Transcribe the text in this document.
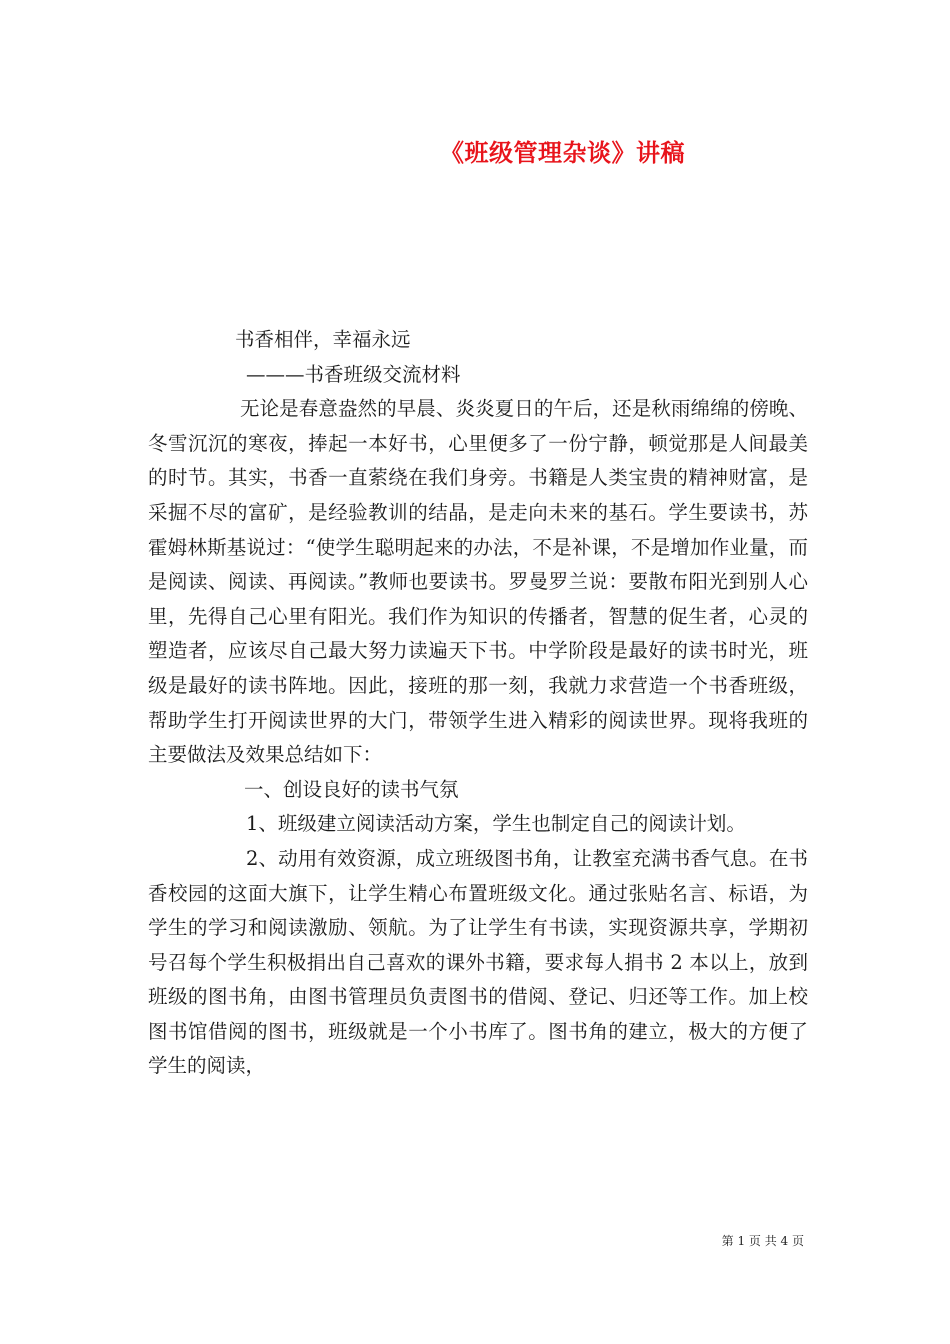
《班级管理杂谈》讲稿

书香相伴，幸福永远

———书香班级交流材料

无论是春意盎然的早晨、炎炎夏日的午后，还是秋雨绵绵的傍晚、冬雪沉沉的寒夜，捧起一本好书，心里便多了一份宁静，顿觉那是人间最美的时节。其实，书香一直萦绕在我们身旁。书籍是人类宝贵的精神财富，是采掘不尽的富矿，是经验教训的结晶，是走向未来的基石。学生要读书，苏霍姆林斯基说过：“使学生聪明起来的办法，不是补课，不是增加作业量，而是阅读、阅读、再阅读。”教师也要读书。罗曼罗兰说：要散布阳光到别人心里，先得自己心里有阳光。我们作为知识的传播者，智慧的促生者，心灵的塑造者，应该尽自己最大努力读遍天下书。中学阶段是最好的读书时光，班级是最好的读书阵地。因此，接班的那一刻，我就力求营造一个书香班级，帮助学生打开阅读世界的大门，带领学生进入精彩的阅读世界。现将我班的主要做法及效果总结如下：

一、创设良好的读书气氛

1、班级建立阅读活动方案，学生也制定自己的阅读计划。

2、动用有效资源，成立班级图书角，让教室充满书香气息。在书香校园的这面大旗下，让学生精心布置班级文化。通过张贴名言、标语，为学生的学习和阅读激励、领航。为了让学生有书读，实现资源共享，学期初号召每个学生积极捐出自己喜欢的课外书籍，要求每人捐书 2 本以上，放到班级的图书角，由图书管理员负责图书的借阅、登记、归还等工作。加上校图书馆借阅的图书，班级就是一个小书库了。图书角的建立，极大的方便了学生的阅读，

第 1 页 共 4 页
